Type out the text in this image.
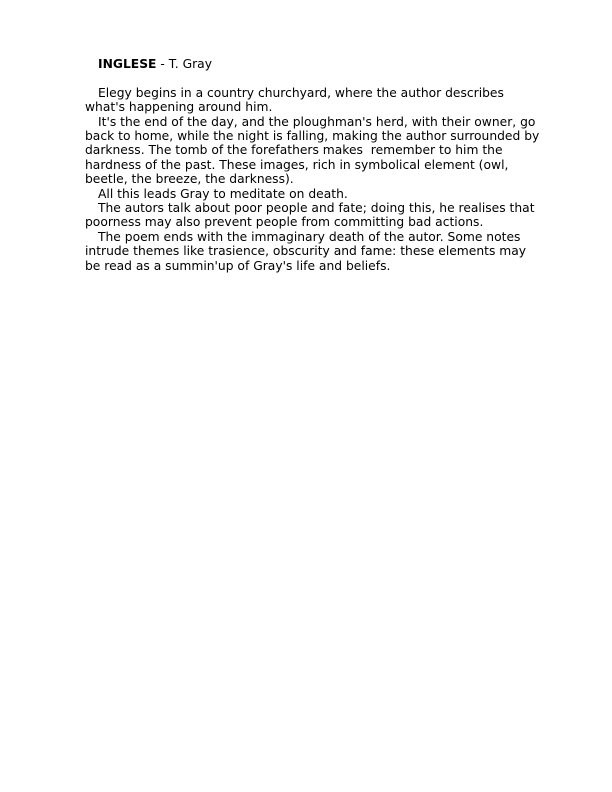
INGLESE - T. Gray

Elegy begins in a country churchyard, where the author describes what's happening around him.

It's the end of the day, and the ploughman's herd, with their owner, go back to home, while the night is falling, making the author surrounded by darkness. The tomb of the forefathers makes  remember to him the hardness of the past. These images, rich in symbolical element (owl, beetle, the breeze, the darkness).

All this leads Gray to meditate on death.

The autors talk about poor people and fate; doing this, he realises that poorness may also prevent people from committing bad actions.

The poem ends with the immaginary death of the autor. Some notes intrude themes like trasience, obscurity and fame: these elements may be read as a summin'up of Gray's life and beliefs.
